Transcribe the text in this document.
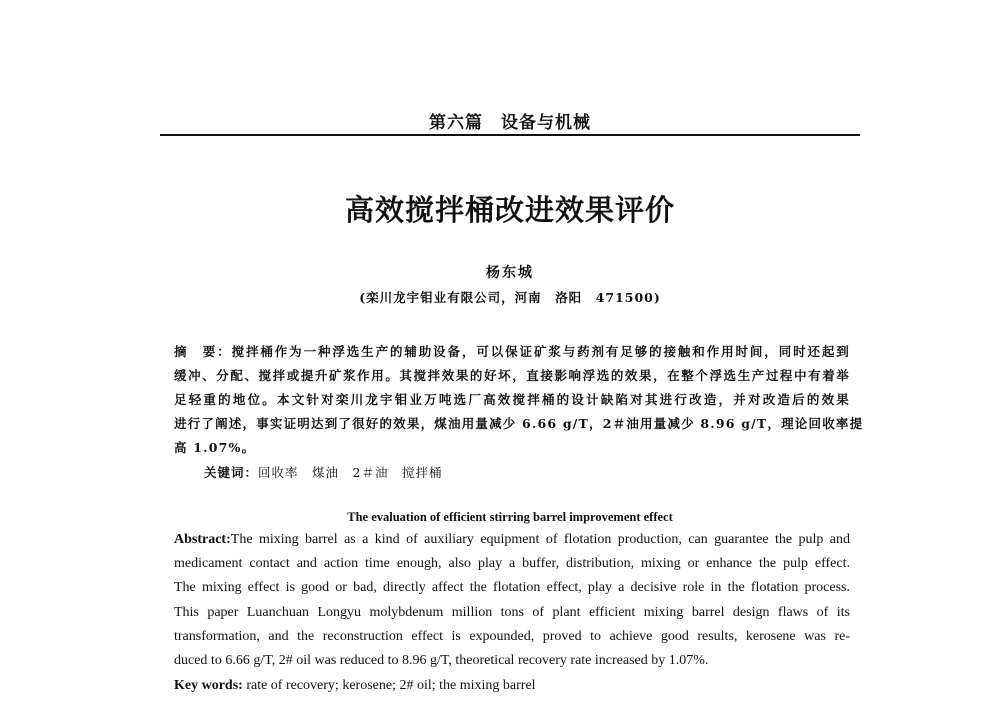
第六篇　设备与机械
高效搅拌桶改进效果评价
杨东城
(栾川龙宇钼业有限公司，河南　洛阳　471500)
摘　要：搅拌桶作为一种浮选生产的辅助设备，可以保证矿浆与药剂有足够的接触和作用时间，同时还起到
缓冲、分配、搅拌或提升矿浆作用。其搅拌效果的好坏，直接影响浮选的效果，在整个浮选生产过程中有着举
足轻重的地位。本文针对栾川龙宇钼业万吨选厂高效搅拌桶的设计缺陷对其进行改造，并对改造后的效果
进行了阐述，事实证明达到了很好的效果，煤油用量减少 6.66 g/T，2＃油用量减少 8.96 g/T，理论回收率提
高 1.07%。
关键词：回收率　煤油　2＃油　搅拌桶
The evaluation of efficient stirring barrel improvement effect
Abstract:The mixing barrel as a kind of auxiliary equipment of flotation production, can guarantee the pulp and
medicament contact and action time enough, also play a buffer, distribution, mixing or enhance the pulp effect.
The mixing effect is good or bad, directly affect the flotation effect, play a decisive role in the flotation process.
This paper Luanchuan Longyu molybdenum million tons of plant efficient mixing barrel design flaws of its
transformation, and the reconstruction effect is expounded, proved to achieve good results, kerosene was re-
duced to 6.66 g/T, 2# oil was reduced to 8.96 g/T, theoretical recovery rate increased by 1.07%.
Key words: rate of recovery; kerosene; 2# oil; the mixing barrel
